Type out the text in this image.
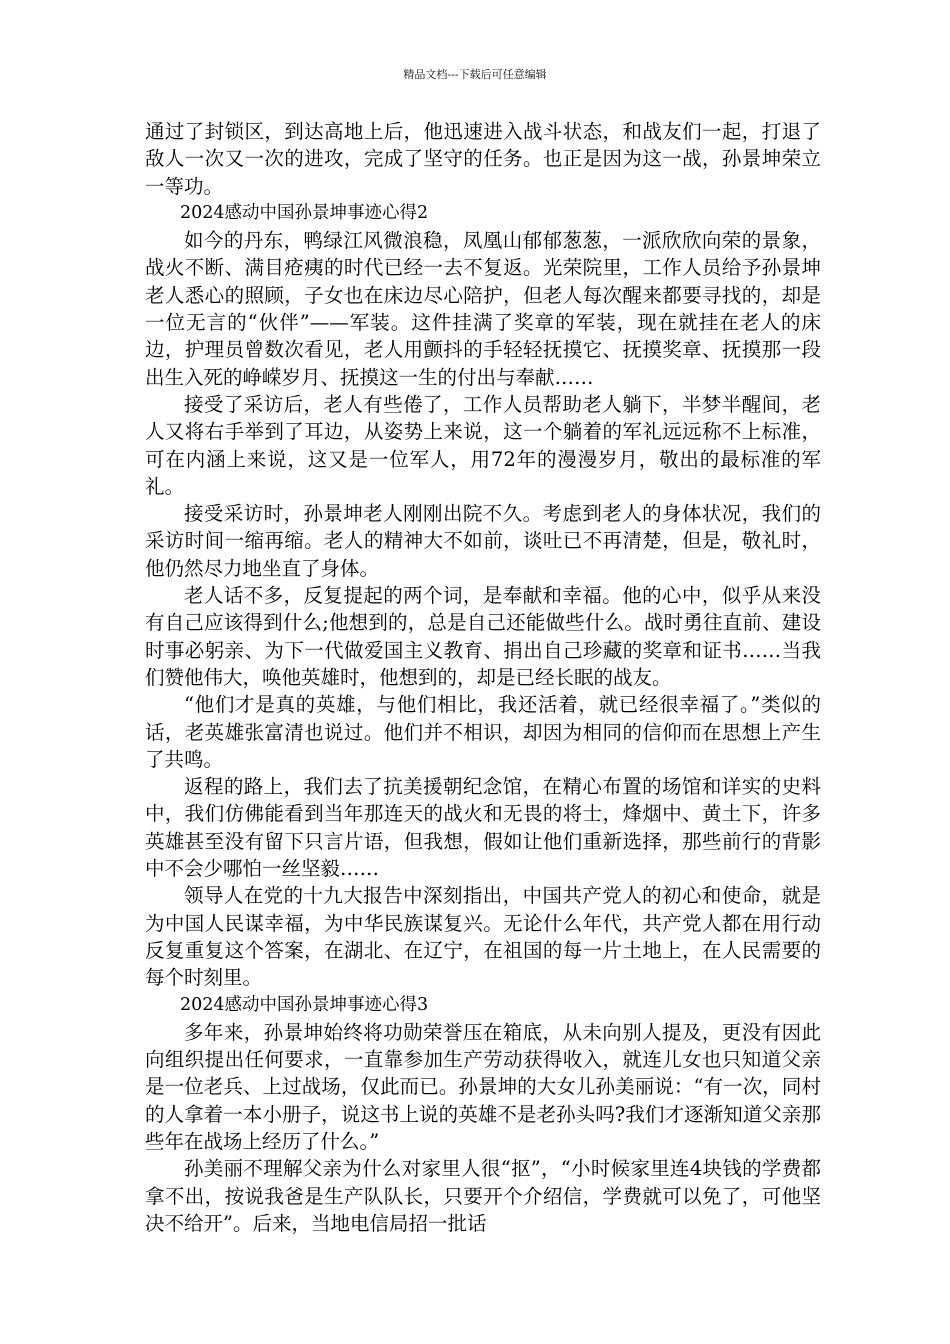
精品文档---下载后可任意编辑

通过了封锁区，到达高地上后，他迅速进入战斗状态，和战友们一起，打退了敌人一次又一次的进攻，完成了坚守的任务。也正是因为这一战，孙景坤荣立一等功。

2024感动中国孙景坤事迹心得2

如今的丹东，鸭绿江风微浪稳，凤凰山郁郁葱葱，一派欣欣向荣的景象，战火不断、满目疮痍的时代已经一去不复返。光荣院里，工作人员给予孙景坤老人悉心的照顾，子女也在床边尽心陪护，但老人每次醒来都要寻找的，却是一位无言的“伙伴”——军装。这件挂满了奖章的军装，现在就挂在老人的床边，护理员曾数次看见，老人用颤抖的手轻轻抚摸它、抚摸奖章、抚摸那一段出生入死的峥嵘岁月、抚摸这一生的付出与奉献……

接受了采访后，老人有些倦了，工作人员帮助老人躺下，半梦半醒间，老人又将右手举到了耳边，从姿势上来说，这一个躺着的军礼远远称不上标准，可在内涵上来说，这又是一位军人，用72年的漫漫岁月，敬出的最标准的军礼。

接受采访时，孙景坤老人刚刚出院不久。考虑到老人的身体状况，我们的采访时间一缩再缩。老人的精神大不如前，谈吐已不再清楚，但是，敬礼时，他仍然尽力地坐直了身体。

老人话不多，反复提起的两个词，是奉献和幸福。他的心中，似乎从来没有自己应该得到什么;他想到的，总是自己还能做些什么。战时勇往直前、建设时事必躬亲、为下一代做爱国主义教育、捐出自己珍藏的奖章和证书……当我们赞他伟大，唤他英雄时，他想到的，却是已经长眠的战友。

“他们才是真的英雄，与他们相比，我还活着，就已经很幸福了。”类似的话，老英雄张富清也说过。他们并不相识，却因为相同的信仰而在思想上产生了共鸣。

返程的路上，我们去了抗美援朝纪念馆，在精心布置的场馆和详实的史料中，我们仿佛能看到当年那连天的战火和无畏的将士，烽烟中、黄土下，许多英雄甚至没有留下只言片语，但我想，假如让他们重新选择，那些前行的背影中不会少哪怕一丝坚毅……

领导人在党的十九大报告中深刻指出，中国共产党人的初心和使命，就是为中国人民谋幸福，为中华民族谋复兴。无论什么年代，共产党人都在用行动反复重复这个答案，在湖北、在辽宁，在祖国的每一片土地上，在人民需要的每个时刻里。

2024感动中国孙景坤事迹心得3

多年来，孙景坤始终将功勋荣誉压在箱底，从未向别人提及，更没有因此向组织提出任何要求，一直靠参加生产劳动获得收入，就连儿女也只知道父亲是一位老兵、上过战场，仅此而已。孙景坤的大女儿孙美丽说：“有一次，同村的人拿着一本小册子，说这书上说的英雄不是老孙头吗?我们才逐渐知道父亲那些年在战场上经历了什么。”

孙美丽不理解父亲为什么对家里人很“抠”，“小时候家里连4块钱的学费都拿不出，按说我爸是生产队队长，只要开个介绍信，学费就可以免了，可他坚决不给开”。后来，当地电信局招一批话
